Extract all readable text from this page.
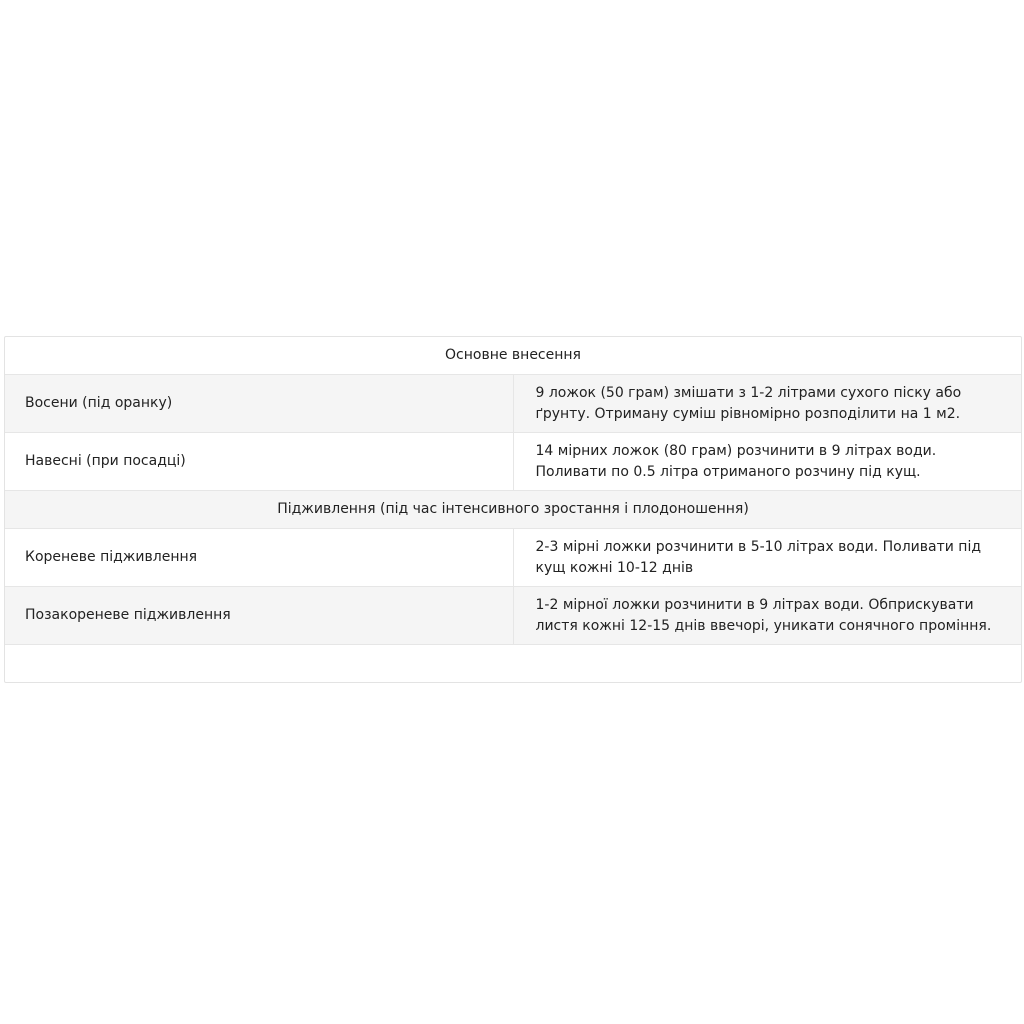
Основне внесення	
Восени (під оранку)	9 ложок (50 грам) змішати з 1-2 літрами сухого піску або ґрунту. Отриману суміш рівномірно розподілити на 1 м2.
Навесні (при посадці)	14 мірних ложок (80 грам) розчинити в 9 літрах води. Поливати по 0.5 літра отриманого розчину під кущ.
Підживлення (під час інтенсивного зростання і плодоношення)	
Кореневе підживлення	2-3 мірні ложки розчинити в 5-10 літрах води. Поливати під кущ кожні 10-12 днів
Позакореневе підживлення	1-2 мірної ложки розчинити в 9 літрах води. Обприскувати листя кожні 12-15 днів ввечорі, уникати сонячного проміння.
